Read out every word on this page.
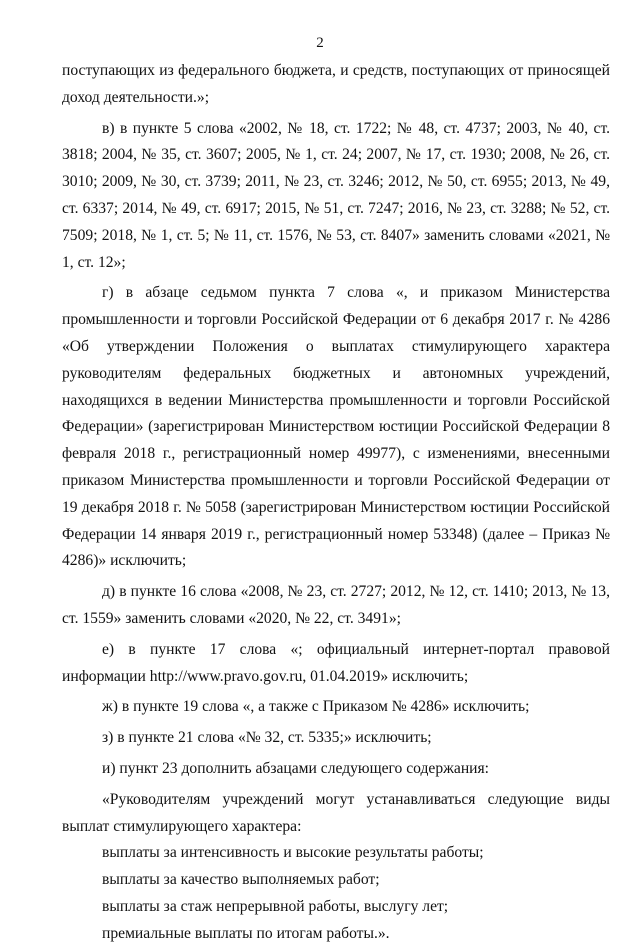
2

поступающих из федерального бюджета, и средств, поступающих от приносящей доход деятельности.»;

в) в пункте 5 слова «2002, № 18, ст. 1722; № 48, ст. 4737; 2003, № 40, ст. 3818; 2004, № 35, ст. 3607; 2005, № 1, ст. 24; 2007, № 17, ст. 1930; 2008, № 26, ст. 3010; 2009, № 30, ст. 3739; 2011, № 23, ст. 3246; 2012, № 50, ст. 6955; 2013, № 49, ст. 6337; 2014, № 49, ст. 6917; 2015, № 51, ст. 7247; 2016, № 23, ст. 3288; № 52, ст. 7509; 2018, № 1, ст. 5; № 11, ст. 1576, № 53, ст. 8407» заменить словами «2021, № 1, ст. 12»;

г) в абзаце седьмом пункта 7 слова «, и приказом Министерства промышленности и торговли Российской Федерации от 6 декабря 2017 г. № 4286 «Об утверждении Положения о выплатах стимулирующего характера руководителям федеральных бюджетных и автономных учреждений, находящихся в ведении Министерства промышленности и торговли Российской Федерации» (зарегистрирован Министерством юстиции Российской Федерации 8 февраля 2018 г., регистрационный номер 49977), с изменениями, внесенными приказом Министерства промышленности и торговли Российской Федерации от 19 декабря 2018 г. № 5058 (зарегистрирован Министерством юстиции Российской Федерации 14 января 2019 г., регистрационный номер 53348) (далее – Приказ № 4286)» исключить;

д) в пункте 16 слова «2008, № 23, ст. 2727; 2012, № 12, ст. 1410; 2013, № 13, ст. 1559» заменить словами «2020, № 22, ст. 3491»;

е) в пункте 17 слова «; официальный интернет-портал правовой информации http://www.pravo.gov.ru, 01.04.2019» исключить;

ж) в пункте 19 слова «, а также с Приказом № 4286» исключить;

з) в пункте 21 слова «№ 32, ст. 5335;» исключить;

и) пункт 23 дополнить абзацами следующего содержания:

«Руководителям учреждений могут устанавливаться следующие виды выплат стимулирующего характера:

выплаты за интенсивность и высокие результаты работы;

выплаты за качество выполняемых работ;

выплаты за стаж непрерывной работы, выслугу лет;

премиальные выплаты по итогам работы.».
